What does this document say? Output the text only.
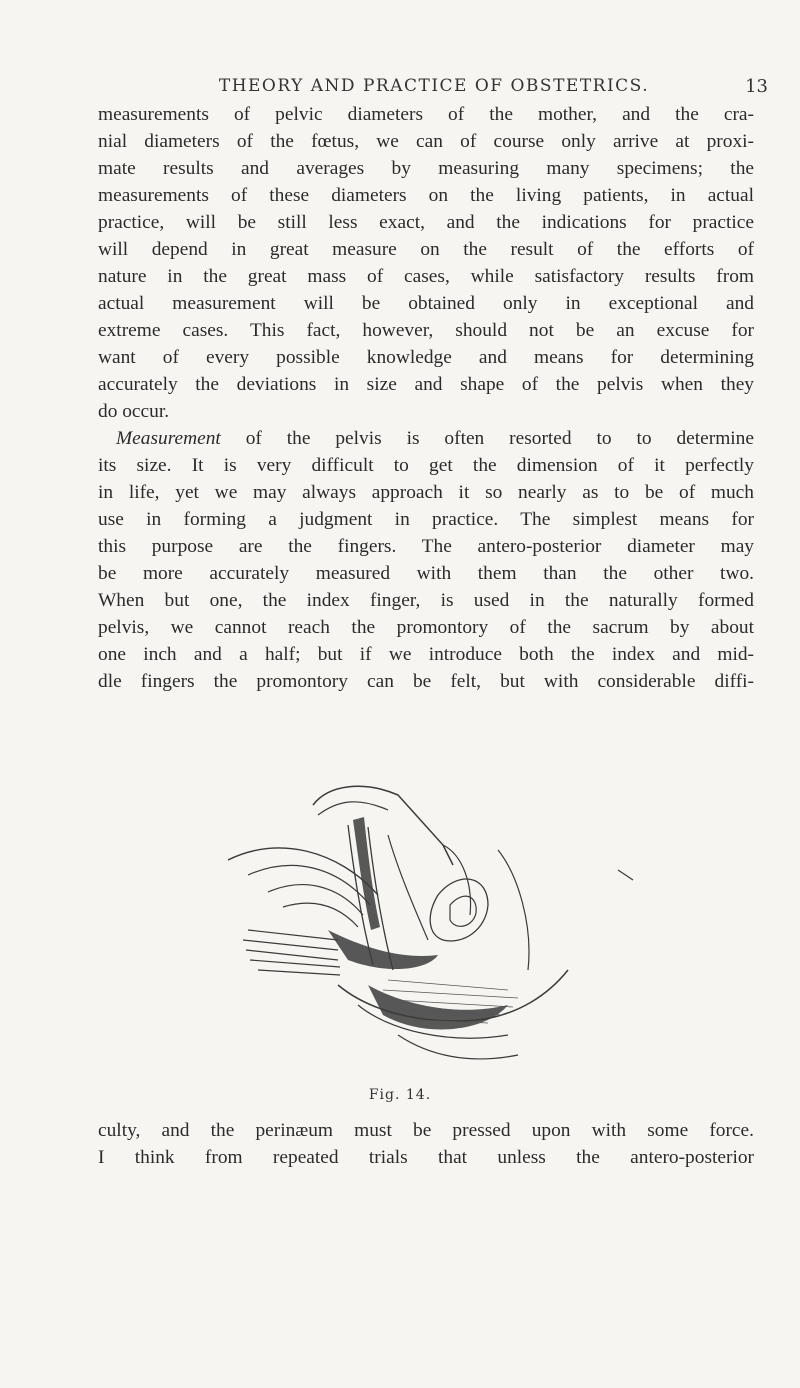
THEORY AND PRACTICE OF OBSTETRICS.	13

measurements of pelvic diameters of the mother, and the cra-
nial diameters of the fœtus, we can of course only arrive at proxi-
mate results and averages by measuring many specimens; the
measurements of these diameters on the living patients, in actual
practice, will be still less exact, and the indications for practice
will depend in great measure on the result of the efforts of
nature in the great mass of cases, while satisfactory results from
actual measurement will be obtained only in exceptional and
extreme cases. This fact, however, should not be an excuse for
want of every possible knowledge and means for determining
accurately the deviations in size and shape of the pelvis when they
do occur.

Measurement of the pelvis is often resorted to to determine
its size. It is very difficult to get the dimension of it perfectly
in life, yet we may always approach it so nearly as to be of much
use in forming a judgment in practice. The simplest means for
this purpose are the fingers. The antero-posterior diameter may
be more accurately measured with them than the other two.
When but one, the index finger, is used in the naturally formed
pelvis, we cannot reach the promontory of the sacrum by about
one inch and a half; but if we introduce both the index and mid-
dle fingers the promontory can be felt, but with considerable diffi-

Fig. 14.

culty, and the perinæum must be pressed upon with some force.
I think from repeated trials that unless the antero-posterior
